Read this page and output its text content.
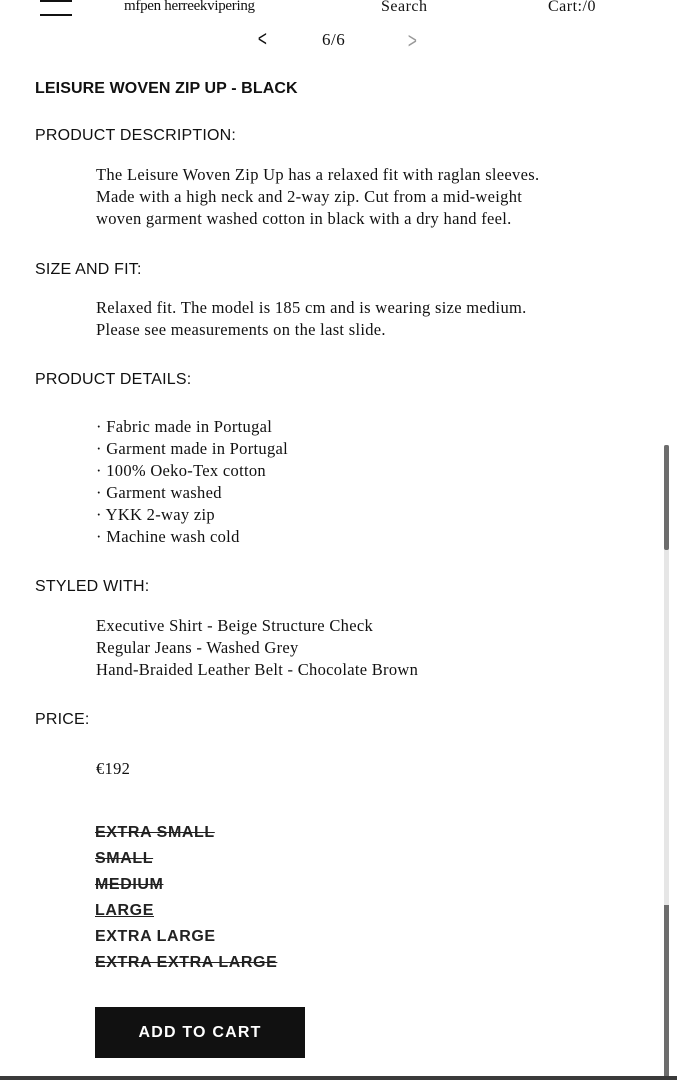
mfpen herreekvipering	Search	Cart:/0
<	6/6	>
LEISURE WOVEN ZIP UP - BLACK
PRODUCT DESCRIPTION:
The Leisure Woven Zip Up has a relaxed fit with raglan sleeves.
Made with a high neck and 2-way zip. Cut from a mid-weight
woven garment washed cotton in black with a dry hand feel.
SIZE AND FIT:
Relaxed fit. The model is 185 cm and is wearing size medium.
Please see measurements on the last slide.
PRODUCT DETAILS:
· Fabric made in Portugal
· Garment made in Portugal
· 100% Oeko-Tex cotton
· Garment washed
· YKK 2-way zip
· Machine wash cold
STYLED WITH:
Executive Shirt - Beige Structure Check
Regular Jeans - Washed Grey
Hand-Braided Leather Belt - Chocolate Brown
PRICE:
€192
EXTRA SMALL
SMALL
MEDIUM
LARGE
EXTRA LARGE
EXTRA EXTRA LARGE
ADD TO CART
